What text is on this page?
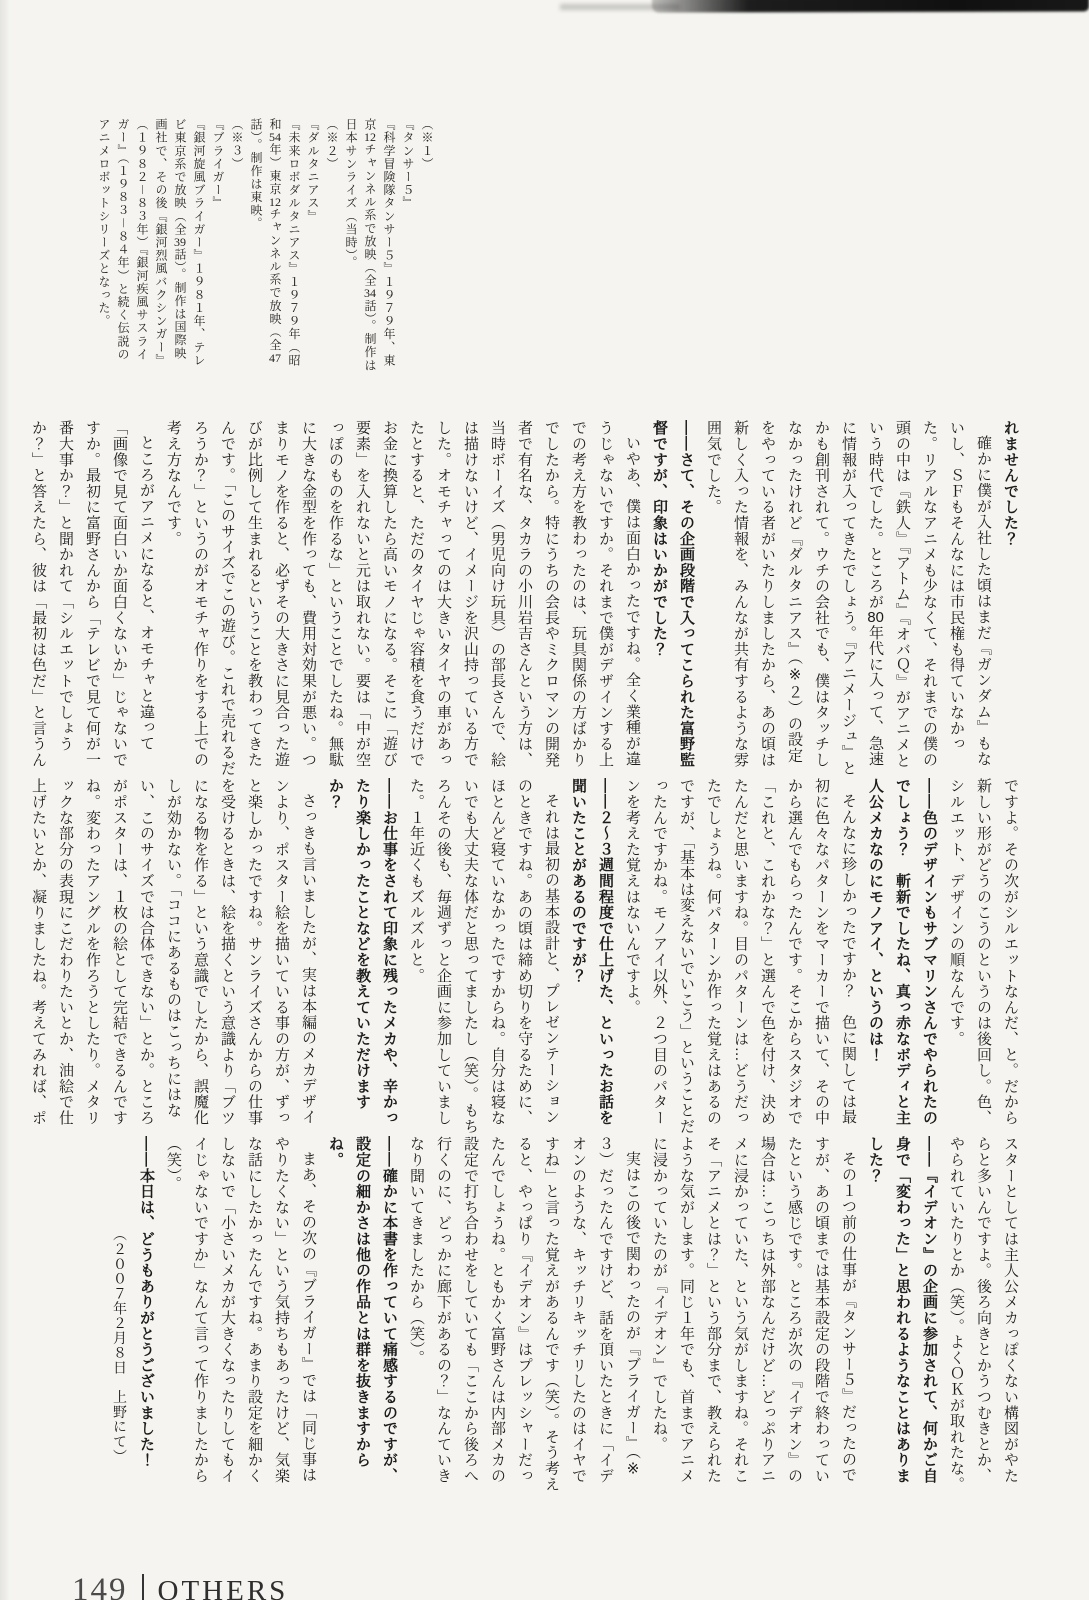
（※１）

『タンサー５』

『科学冒険隊タンサー５』１９７９年、東京12チャンネル系で放映（全34話）。制作は日本サンライズ（当時）。

（※２）

『ダルタニアス』

『未来ロボダルタニアス』１９７９年（昭和54年）東京12チャンネル系で放映（全47話）。制作は東映。

（※３）

『ブライガー』

『銀河旋風ブライガー』１９８１年、テレビ東京系で放映（全39話）。制作は国際映画社で、その後『銀河烈風バクシンガー』（１９８２－８３年）『銀河疾風サスライガー』（１９８３－８４年）と続く伝説のアニメロボットシリーズとなった。

れませんでした？

確かに僕が入社した頃はまだ『ガンダム』もないし、ＳＦもそんなには市民権も得ていなかった。リアルなアニメも少なくて、それまでの僕の頭の中は『鉄人』『アトム』『オバＱ』がアニメという時代でした。ところが80年代に入って、急速に情報が入ってきたでしょう。『アニメージュ』とかも創刊されて。ウチの会社でも、僕はタッチしなかったけれど『ダルタニアス』（※２）の設定をやっている者がいたりしましたから、あの頃は新しく入った情報を、みんなが共有するような雰囲気でした。

――さて、その企画段階で入ってこられた富野監督ですが、印象はいかがでした？

いやあ、僕は面白かったですね。全く業種が違うじゃないですか。それまで僕がデザインする上での考え方を教わったのは、玩具関係の方ばかりでしたから。特にうちの会長やミクロマンの開発者で有名な、タカラの小川岩吉さんという方は、当時ボーイズ（男児向け玩具）の部長さんで、絵は描けないけど、イメージを沢山持っている方でした。オモチャってのは大きいタイヤの車があったとすると、ただのタイヤじゃ容積を食うだけでお金に換算したら高いモノになる。そこに「遊び要素」を入れないと元は取れない。要は「中が空っぽのものを作るな」ということでしたね。無駄に大きな金型を作っても、費用対効果が悪い。つまりモノを作ると、必ずその大きさに見合った遊びが比例して生まれるということを教わってきたんです。「このサイズでこの遊び。これで売れるだろうか？」というのがオモチャ作りをする上での考え方なんです。

ところがアニメになると、オモチャと違って「画像で見て面白いか面白くないか」じゃないですか。最初に富野さんから「テレビで見て何が一番大事か？」と聞かれて「シルエットでしょうか？」と答えたら、彼は「最初は色だ」と言うん

ですよ。その次がシルエットなんだ、と。だから新しい形がどうのこうのというのは後回し。色、シルエット、デザインの順なんです。

――色のデザインもサブマリンさんでやられたのでしょう？　斬新でしたね、真っ赤なボディと主人公メカなのにモノアイ、というのは！

そんなに珍しかったですか？　色に関しては最初に色々なパターンをマーカーで描いて、その中から選んでもらったんです。そこからスタジオで「これと、これかな？」と選んで色を付け、決めたんだと思いますね。目のパターンは…どうだったでしょうね。何パターンか作った覚えはあるのですが、「基本は変えないでいこう」ということだったんですかね。モノアイ以外、２つ目のパターンを考えた覚えはないんですよ。

――２～３週間程度で仕上げた、といったお話を聞いたことがあるのですが？

それは最初の基本設計と、プレゼンテーションのときですね。あの頃は締め切りを守るために、ほとんど寝ていなかったですからね。自分は寝ないでも大丈夫な体だと思ってましたし（笑）。もちろんその後も、毎週ずっと企画に参加していました。１年近くもズルズルと。

――お仕事をされて印象に残ったメカや、辛かったり楽しかったことなどを教えていただけますか？

さっきも言いましたが、実は本編のメカデザインより、ポスター絵を描いている事の方が、ずっと楽しかったですね。サンライズさんからの仕事を受けるときは、絵を描くという意識より「ブツになる物を作る」という意識でしたから、誤魔化しが効かない。「ココにあるものはこっちにはない、このサイズでは合体できない」とか。ところがポスターは、１枚の絵として完結できるんですね。変わったアングルを作ろうとしたり。メタリックな部分の表現にこだわりたいとか、油絵で仕上げたいとか、凝りましたね。考えてみれば、ポ

スターとしては主人公メカっぽくない構図がやたらと多いんですよ。後ろ向きとかうつむきとか、やられていたりとか（笑）。よくＯＫが取れたな。

――『イデオン』の企画に参加されて、何かご自身で「変わった」と思われるようなことはありました？

その１つ前の仕事が『タンサー５』だったのですが、あの頃までは基本設定の段階で終わっていたという感じです。ところが次の『イデオン』の場合は…こっちは外部なんだけど…どっぷりアニメに浸かっていた、という気がしますね。それこそ「アニメとは？」という部分まで、教えられたような気がします。同じ１年でも、首までアニメに浸かっていたのが『イデオン』でしたね。

実はこの後で関わったのが『ブライガー』（※３）だったんですけど、話を頂いたときに「イデオンのような、キッチリキッチリしたのはイヤですね」と言った覚えがあるんです（笑）。そう考えると、やっぱり『イデオン』はプレッシャーだったんでしょうね。ともかく富野さんは内部メカの設定で打ち合わせをしていても「ここから後ろへ行くのに、どっかに廊下があるの？」なんていきなり聞いてきましたから（笑）。

――確かに本書を作っていて痛感するのですが、設定の細かさは他の作品とは群を抜きますからね。

まあ、その次の『ブライガー』では「同じ事はやりたくない」という気持ちもあったけど、気楽な話にしたかったんですね。あまり設定を細かくしないで「小さいメカが大きくなったりしてもイイじゃないですか」なんて言って作りましたから（笑）。

――本日は、どうもありがとうございました！

（２００７年２月８日　上野にて）

149 OTHERS
